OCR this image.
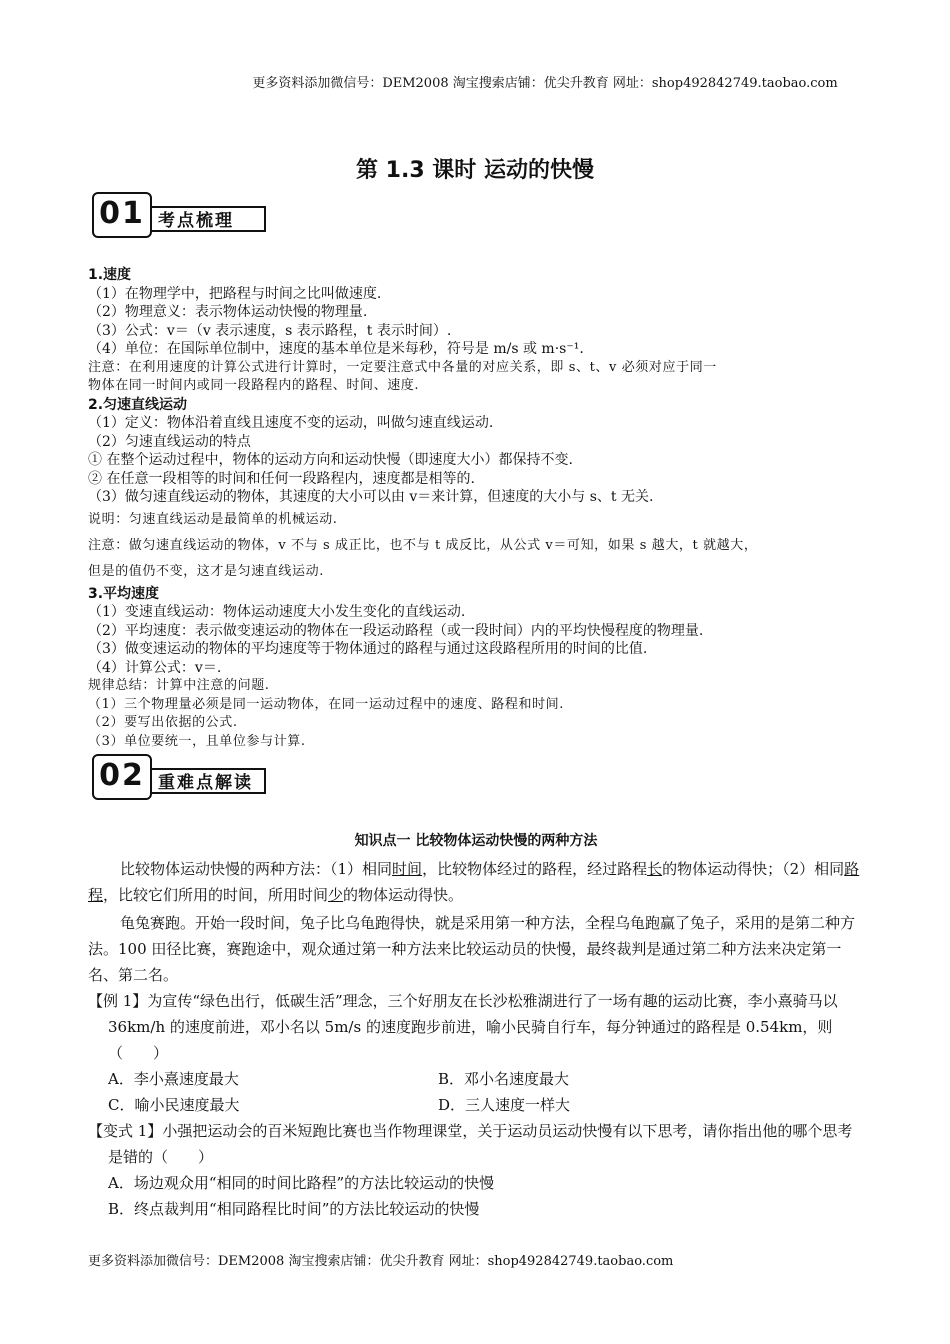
更多资料添加微信号：DEM2008 淘宝搜索店铺：优尖升教育 网址：shop492842749.taobao.com
第 1.3 课时 运动的快慢
01 考点梳理

1.速度

（1）在物理学中，把路程与时间之比叫做速度.

（2）物理意义：表示物体运动快慢的物理量.

（3）公式：v＝（v 表示速度，s 表示路程，t 表示时间）.

（4）单位：在国际单位制中，速度的基本单位是米每秒，符号是 m/s 或 m·s⁻¹.

注意：在利用速度的计算公式进行计算时，一定要注意式中各量的对应关系，即 s、t、v 必须对应于同一

物体在同一时间内或同一段路程内的路程、时间、速度.

2.匀速直线运动

（1）定义：物体沿着直线且速度不变的运动，叫做匀速直线运动.

（2）匀速直线运动的特点

① 在整个运动过程中，物体的运动方向和运动快慢（即速度大小）都保持不变.

② 在任意一段相等的时间和任何一段路程内，速度都是相等的.

（3）做匀速直线运动的物体，其速度的大小可以由 v＝来计算，但速度的大小与 s、t 无关.

说明：匀速直线运动是最简单的机械运动.

注意：做匀速直线运动的物体，v 不与 s 成正比，也不与 t 成反比，从公式 v＝可知，如果 s 越大，t 就越大，

但是的值仍不变，这才是匀速直线运动.

3.平均速度

（1）变速直线运动：物体运动速度大小发生变化的直线运动.

（2）平均速度：表示做变速运动的物体在一段运动路程（或一段时间）内的平均快慢程度的物理量.

（3）做变速运动的物体的平均速度等于物体通过的路程与通过这段路程所用的时间的比值.

（4）计算公式：v＝.

规律总结：计算中注意的问题.

（1）三个物理量必须是同一运动物体，在同一运动过程中的速度、路程和时间.

（2）要写出依据的公式.

（3）单位要统一，且单位参与计算.

02 重难点解读

知识点一 比较物体运动快慢的两种方法

比较物体运动快慢的两种方法：（1）相同时间，比较物体经过的路程，经过路程长的物体运动得快；（2）相同路程，比较它们所用的时间，所用时间少的物体运动得快。

龟兔赛跑。开始一段时间，兔子比乌龟跑得快，就是采用第一种方法，全程乌龟跑赢了兔子，采用的是第二种方法。100 田径比赛，赛跑途中，观众通过第一种方法来比较运动员的快慢，最终裁判是通过第二种方法来决定第一名、第二名。

【例 1】为宣传“绿色出行，低碳生活”理念，三个好朋友在长沙松雅湖进行了一场有趣的运动比赛，李小熹骑马以 36km/h 的速度前进，邓小名以 5m/s 的速度跑步前进，喻小民骑自行车，每分钟通过的路程是 0.54km，则（　　）

A．李小熹速度最大	B．邓小名速度最大
C．喻小民速度最大	D．三人速度一样大

【变式 1】小强把运动会的百米短跑比赛也当作物理课堂，关于运动员运动快慢有以下思考，请你指出他的哪个思考是错的（　　）

A．场边观众用“相同的时间比路程”的方法比较运动的快慢

B．终点裁判用“相同路程比时间”的方法比较运动的快慢

更多资料添加微信号：DEM2008 淘宝搜索店铺：优尖升教育 网址：shop492842749.taobao.com
